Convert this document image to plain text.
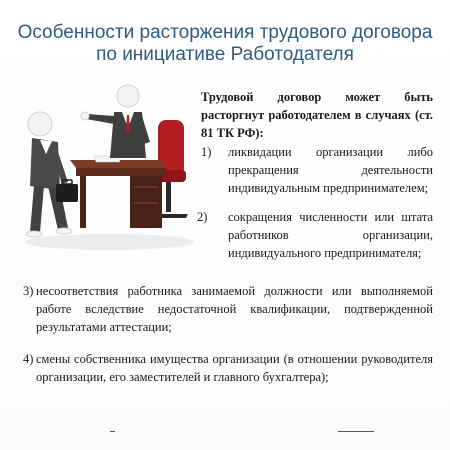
Особенности расторжения трудового договора по инициативе Работодателя
Трудовой договор может быть расторгнут работодателем в случаях (ст. 81 ТК РФ):
1) ликвидации организации либо прекращения деятельности индивидуальным предпринимателем;
2) сокращения численности или штата работников организации, индивидуального предпринимателя;
3) несоответствия работника занимаемой должности или выполняемой работе вследствие недостаточной квалификации, подтвержденной результатами аттестации;
4) смены собственника имущества организации (в отношении руководителя организации, его заместителей и главного бухгалтера);
